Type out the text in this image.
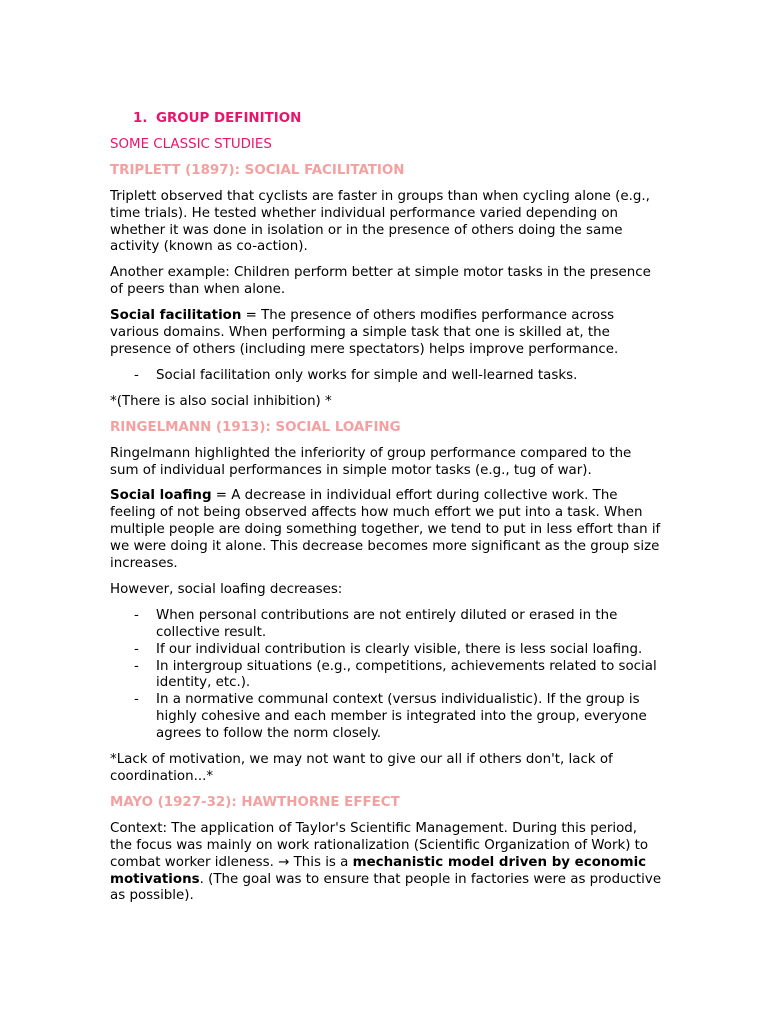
1. GROUP DEFINITION

SOME CLASSIC STUDIES

TRIPLETT (1897): SOCIAL FACILITATION

Triplett observed that cyclists are faster in groups than when cycling alone (e.g., time trials). He tested whether individual performance varied depending on whether it was done in isolation or in the presence of others doing the same activity (known as co-action).

Another example: Children perform better at simple motor tasks in the presence of peers than when alone.

Social facilitation = The presence of others modifies performance across various domains. When performing a simple task that one is skilled at, the presence of others (including mere spectators) helps improve performance.

- Social facilitation only works for simple and well-learned tasks.

*(There is also social inhibition) *

RINGELMANN (1913): SOCIAL LOAFING

Ringelmann highlighted the inferiority of group performance compared to the sum of individual performances in simple motor tasks (e.g., tug of war).

Social loafing = A decrease in individual effort during collective work. The feeling of not being observed affects how much effort we put into a task. When multiple people are doing something together, we tend to put in less effort than if we were doing it alone. This decrease becomes more significant as the group size increases.

However, social loafing decreases:

- When personal contributions are not entirely diluted or erased in the collective result.
- If our individual contribution is clearly visible, there is less social loafing.
- In intergroup situations (e.g., competitions, achievements related to social identity, etc.).
- In a normative communal context (versus individualistic). If the group is highly cohesive and each member is integrated into the group, everyone agrees to follow the norm closely.

*Lack of motivation, we may not want to give our all if others don't, lack of coordination...*

MAYO (1927-32): HAWTHORNE EFFECT

Context: The application of Taylor's Scientific Management. During this period, the focus was mainly on work rationalization (Scientific Organization of Work) to combat worker idleness. → This is a mechanistic model driven by economic motivations. (The goal was to ensure that people in factories were as productive as possible).
